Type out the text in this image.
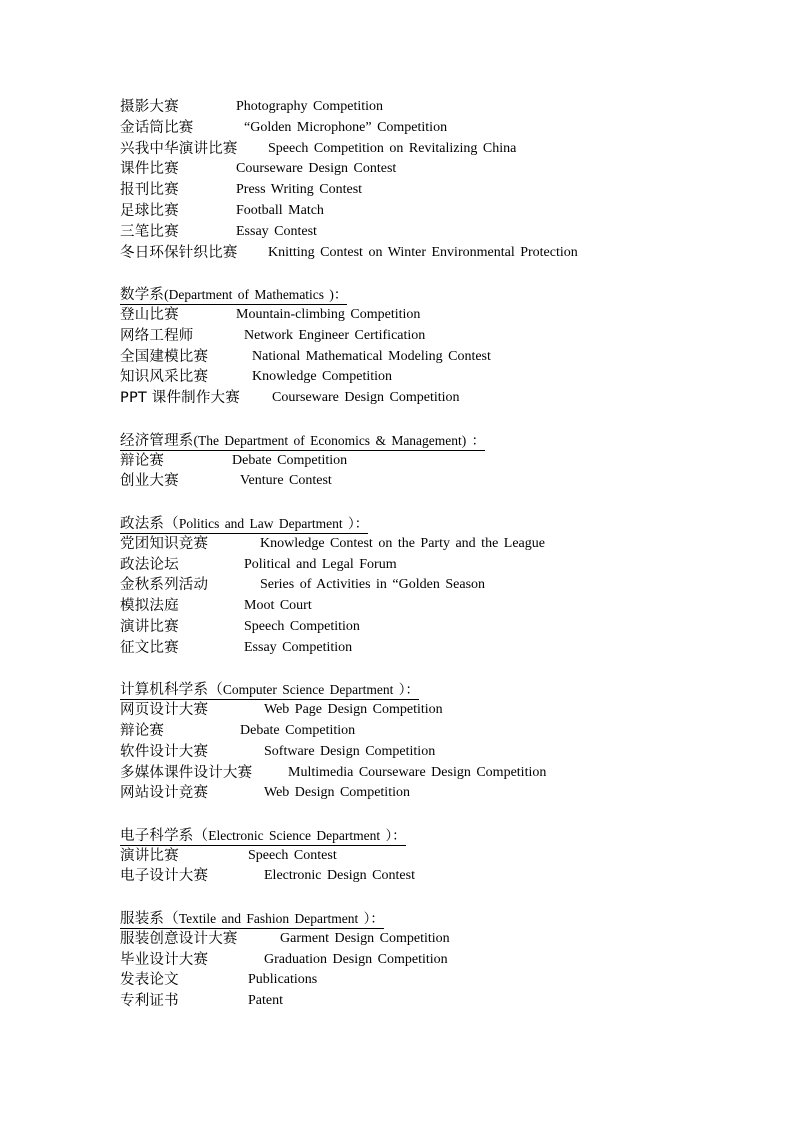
摄影大赛	Photography Competition
金话筒比赛	“Golden Microphone” Competition
兴我中华演讲比赛 Speech Competition on Revitalizing China
课件比赛	Courseware Design Contest
报刊比赛	Press Writing Contest
足球比赛	Football Match
三笔比赛	Essay Contest
冬日环保针织比赛 Knitting Contest on Winter Environmental Protection
数学系(Department of Mathematics )：
登山比赛	Mountain-climbing Competition
网络工程师	Network Engineer Certification
全国建模比赛	National Mathematical Modeling Contest
知识风采比赛	Knowledge Competition
PPT 课件制作大赛 Courseware Design Competition
经济管理系(The Department of Economics & Management) ：
辩论赛	Debate Competition
创业大赛	Venture Contest
政法系（Politics and Law Department ）：
党团知识竞赛	Knowledge Contest on the Party and the League
政法论坛	Political and Legal Forum
金秋系列活动	Series of Activities in “Golden Season
模拟法庭	Moot Court
演讲比赛	Speech Competition
征文比赛	Essay Competition
计算机科学系（Computer Science Department ）：
网页设计大赛	Web Page Design Competition
辩论赛	Debate Competition
软件设计大赛	Software Design Competition
多媒体课件设计大赛	Multimedia Courseware Design Competition
网站设计竞赛	Web Design Competition
电子科学系（Electronic Science Department ）：
演讲比赛	Speech Contest
电子设计大赛	Electronic Design Contest
服装系（Textile and Fashion Department ）：
服装创意设计大赛	Garment Design Competition
毕业设计大赛	Graduation Design Competition
发表论文	Publications
专利证书	Patent
